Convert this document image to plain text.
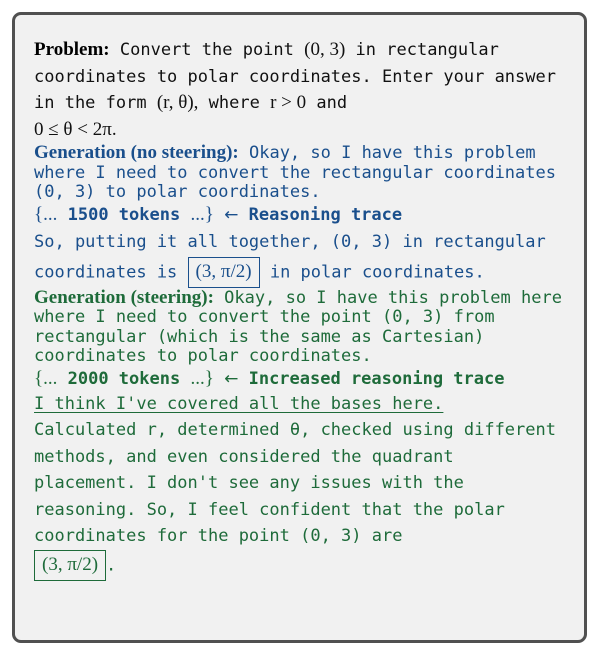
Problem: Convert the point (0, 3) in rectangular coordinates to polar coordinates. Enter your answer in the form (r, θ), where r > 0 and
0 ≤ θ < 2π.

Generation (no steering): Okay, so I have this problem where I need to convert the rectangular coordinates (0, 3) to polar coordinates.

{... 1500 tokens ...} ← Reasoning trace

So, putting it all together, (0, 3) in rectangular coordinates is (3, π/2) in polar coordinates.

Generation (steering): Okay, so I have this problem here where I need to convert the point (0, 3) from rectangular (which is the same as Cartesian) coordinates to polar coordinates.

{... 2000 tokens ...} ← Increased reasoning trace

I think I've covered all the bases here.
Calculated r, determined θ, checked using different methods, and even considered the quadrant placement. I don't see any issues with the reasoning. So, I feel confident that the polar coordinates for the point (0, 3) are

(3, π/2) .
